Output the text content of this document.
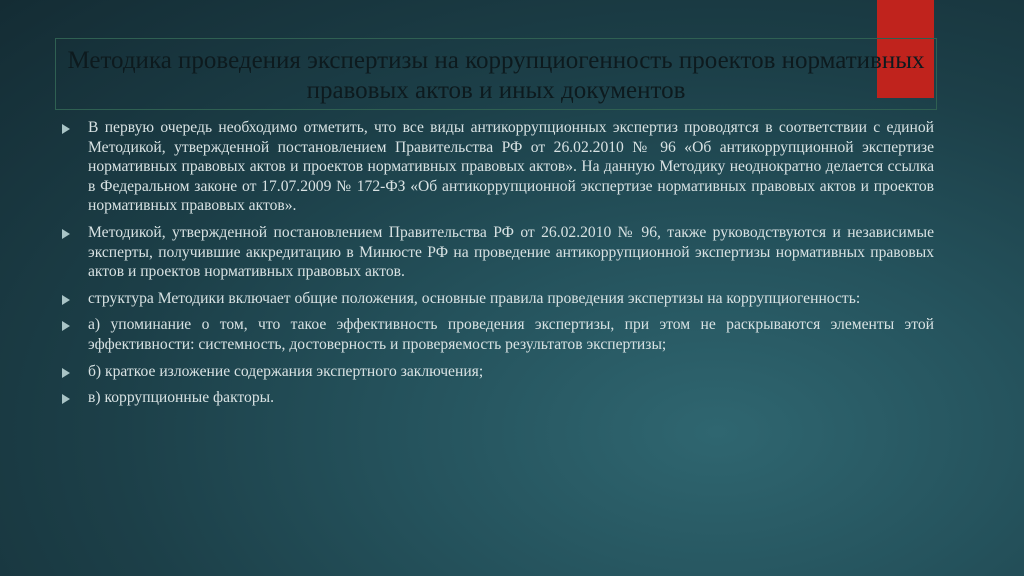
Методика проведения экспертизы на коррупциогенность проектов нормативных правовых актов и иных документов
В первую очередь необходимо отметить, что все виды антикоррупционных экспертиз проводятся в соответствии с единой Методикой, утвержденной постановлением Правительства РФ от 26.02.2010 № 96 «Об антикоррупционной экспертизе нормативных правовых актов и проектов нормативных правовых актов». На данную Методику неоднократно делается ссылка в Федеральном законе от 17.07.2009 № 172-ФЗ «Об антикоррупционной экспертизе нормативных правовых актов и проектов нормативных правовых актов».
Методикой, утвержденной постановлением Правительства РФ от 26.02.2010 № 96, также руководствуются и независимые эксперты, получившие аккредитацию в Минюсте РФ на проведение антикоррупционной экспертизы нормативных правовых актов и проектов нормативных правовых актов.
структура Методики включает общие положения, основные правила проведения экспертизы на коррупциогенность:
а) упоминание о том, что такое эффективность проведения экспертизы, при этом не раскрываются элементы этой эффективности: системность, достоверность и проверяемость результатов экспертизы;
б) краткое изложение содержания экспертного заключения;
в) коррупционные факторы.
